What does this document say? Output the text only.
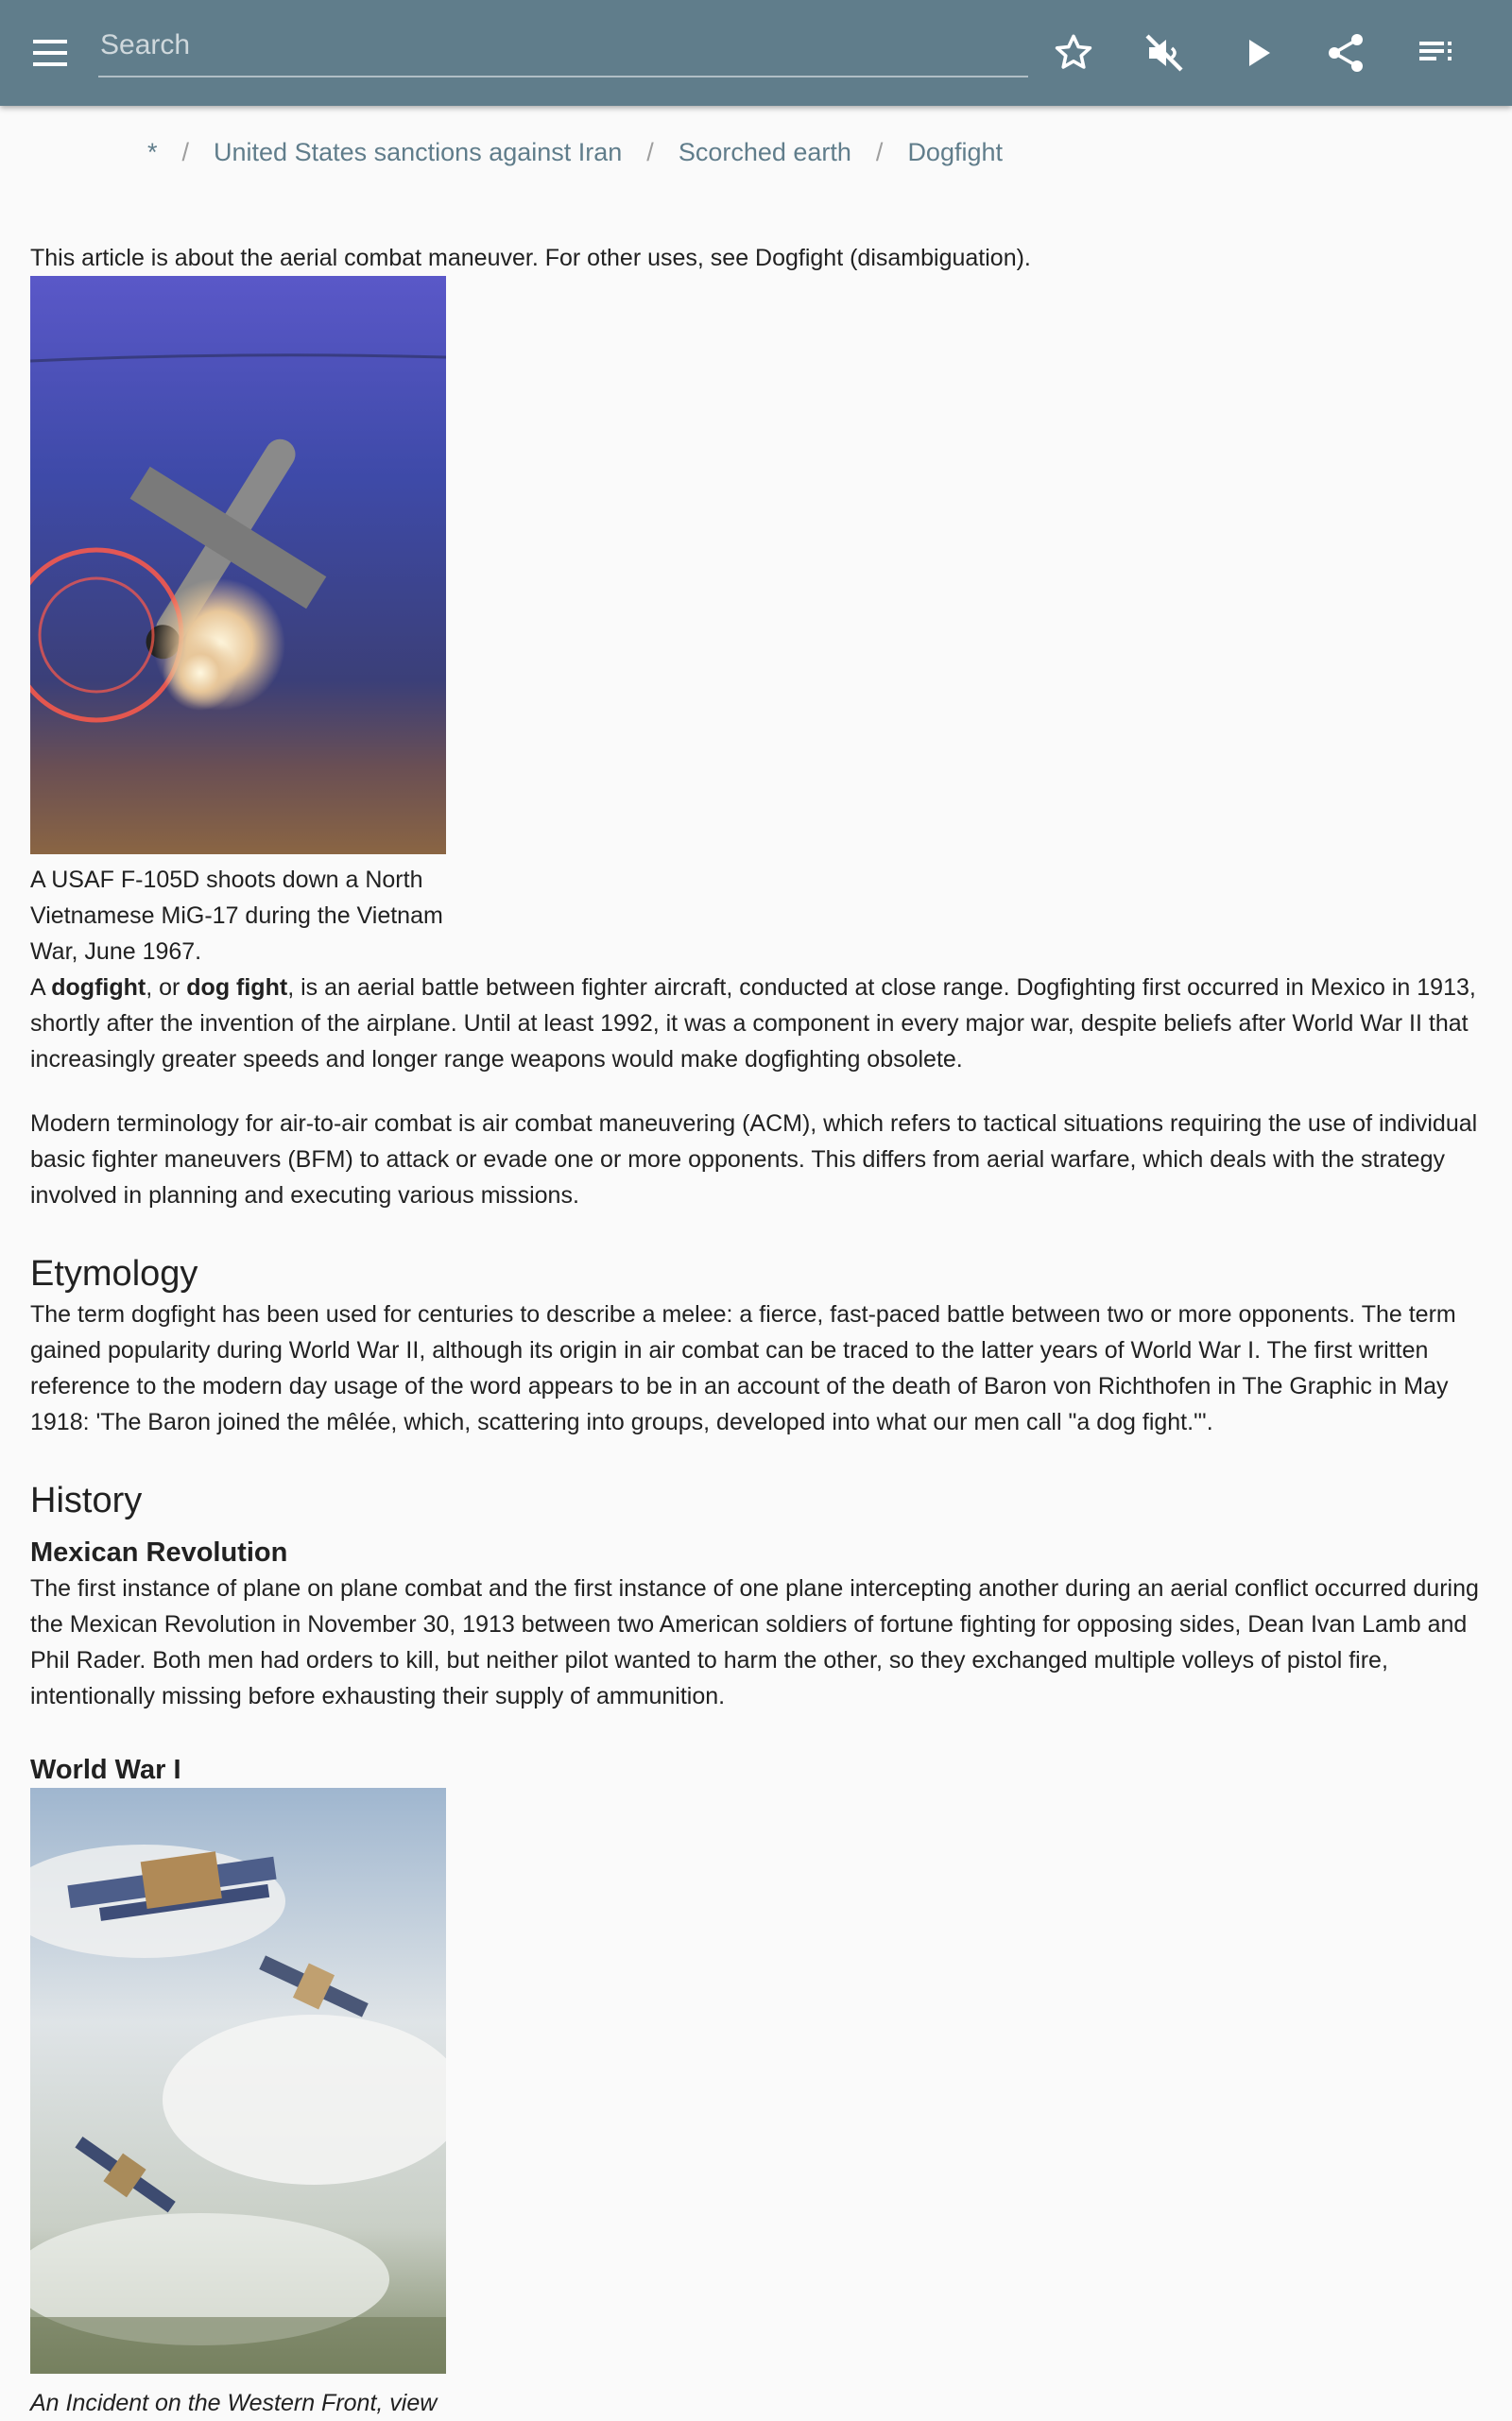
Search
* / United States sanctions against Iran / Scorched earth / Dogfight

This article is about the aerial combat maneuver. For other uses, see Dogfight (disambiguation).

A USAF F-105D shoots down a North Vietnamese MiG-17 during the Vietnam War, June 1967.

A dogfight, or dog fight, is an aerial battle between fighter aircraft, conducted at close range. Dogfighting first occurred in Mexico in 1913, shortly after the invention of the airplane. Until at least 1992, it was a component in every major war, despite beliefs after World War II that increasingly greater speeds and longer range weapons would make dogfighting obsolete.

Modern terminology for air-to-air combat is air combat maneuvering (ACM), which refers to tactical situations requiring the use of individual basic fighter maneuvers (BFM) to attack or evade one or more opponents. This differs from aerial warfare, which deals with the strategy involved in planning and executing various missions.

Etymology

The term dogfight has been used for centuries to describe a melee: a fierce, fast-paced battle between two or more opponents. The term gained popularity during World War II, although its origin in air combat can be traced to the latter years of World War I. The first written reference to the modern day usage of the word appears to be in an account of the death of Baron von Richthofen in The Graphic in May 1918: 'The Baron joined the mêlée, which, scattering into groups, developed into what our men call "a dog fight."'.

History
Mexican Revolution

The first instance of plane on plane combat and the first instance of one plane intercepting another during an aerial conflict occurred during the Mexican Revolution in November 30, 1913 between two American soldiers of fortune fighting for opposing sides, Dean Ivan Lamb and Phil Rader. Both men had orders to kill, but neither pilot wanted to harm the other, so they exchanged multiple volleys of pistol fire, intentionally missing before exhausting their supply of ammunition.

World War I

An Incident on the Western Front, view
